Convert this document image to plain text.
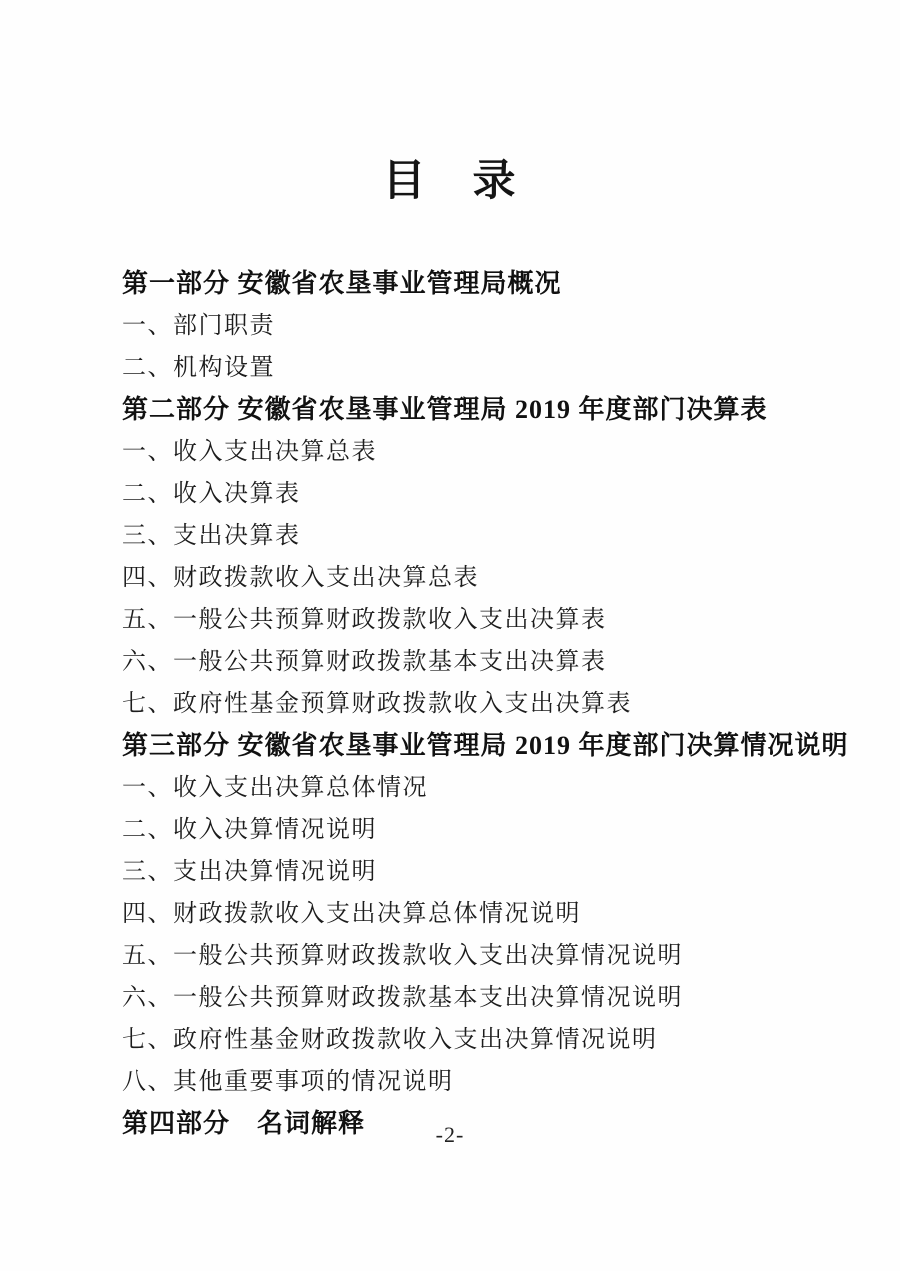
目　录
第一部分 安徽省农垦事业管理局概况
一、部门职责
二、机构设置
第二部分 安徽省农垦事业管理局 2019 年度部门决算表
一、收入支出决算总表
二、收入决算表
三、支出决算表
四、财政拨款收入支出决算总表
五、一般公共预算财政拨款收入支出决算表
六、一般公共预算财政拨款基本支出决算表
七、政府性基金预算财政拨款收入支出决算表
第三部分 安徽省农垦事业管理局 2019 年度部门决算情况说明
一、收入支出决算总体情况
二、收入决算情况说明
三、支出决算情况说明
四、财政拨款收入支出决算总体情况说明
五、一般公共预算财政拨款收入支出决算情况说明
六、一般公共预算财政拨款基本支出决算情况说明
七、政府性基金财政拨款收入支出决算情况说明
八、其他重要事项的情况说明
第四部分　名词解释	-2-
